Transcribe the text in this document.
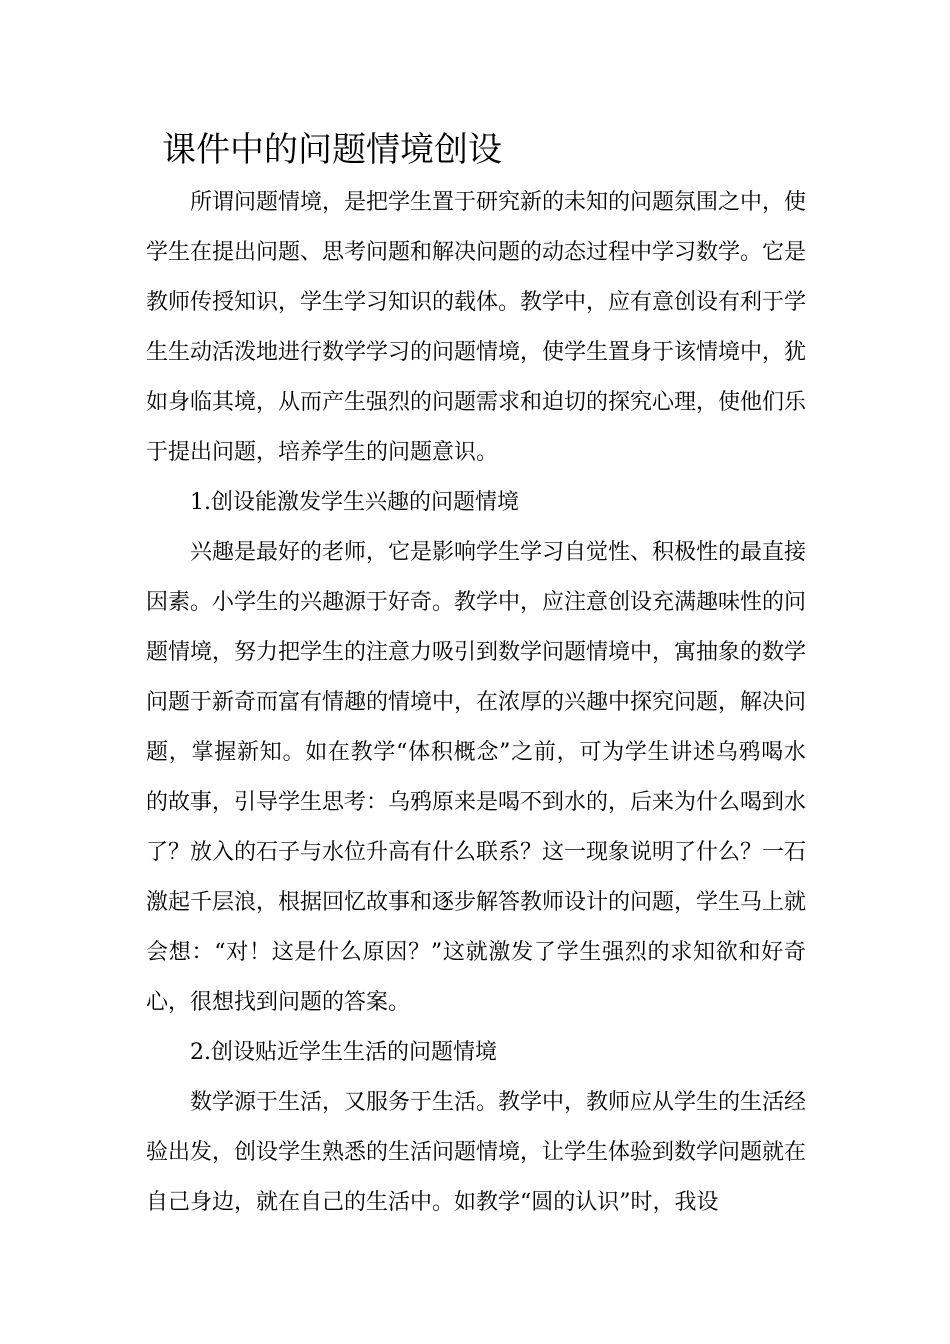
课件中的问题情境创设

所谓问题情境，是把学生置于研究新的未知的问题氛围之中，使学生在提出问题、思考问题和解决问题的动态过程中学习数学。它是教师传授知识，学生学习知识的载体。教学中，应有意创设有利于学生生动活泼地进行数学学习的问题情境，使学生置身于该情境中，犹如身临其境，从而产生强烈的问题需求和迫切的探究心理，使他们乐于提出问题，培养学生的问题意识。

1.创设能激发学生兴趣的问题情境

兴趣是最好的老师，它是影响学生学习自觉性、积极性的最直接因素。小学生的兴趣源于好奇。教学中，应注意创设充满趣味性的问题情境，努力把学生的注意力吸引到数学问题情境中，寓抽象的数学问题于新奇而富有情趣的情境中，在浓厚的兴趣中探究问题，解决问题，掌握新知。如在教学“体积概念”之前，可为学生讲述乌鸦喝水的故事，引导学生思考：乌鸦原来是喝不到水的，后来为什么喝到水了？放入的石子与水位升高有什么联系？这一现象说明了什么？一石激起千层浪，根据回忆故事和逐步解答教师设计的问题，学生马上就会想：“对！这是什么原因？”这就激发了学生强烈的求知欲和好奇心，很想找到问题的答案。

2.创设贴近学生生活的问题情境

数学源于生活，又服务于生活。教学中，教师应从学生的生活经验出发，创设学生熟悉的生活问题情境，让学生体验到数学问题就在自己身边，就在自己的生活中。如教学“圆的认识”时，我设
